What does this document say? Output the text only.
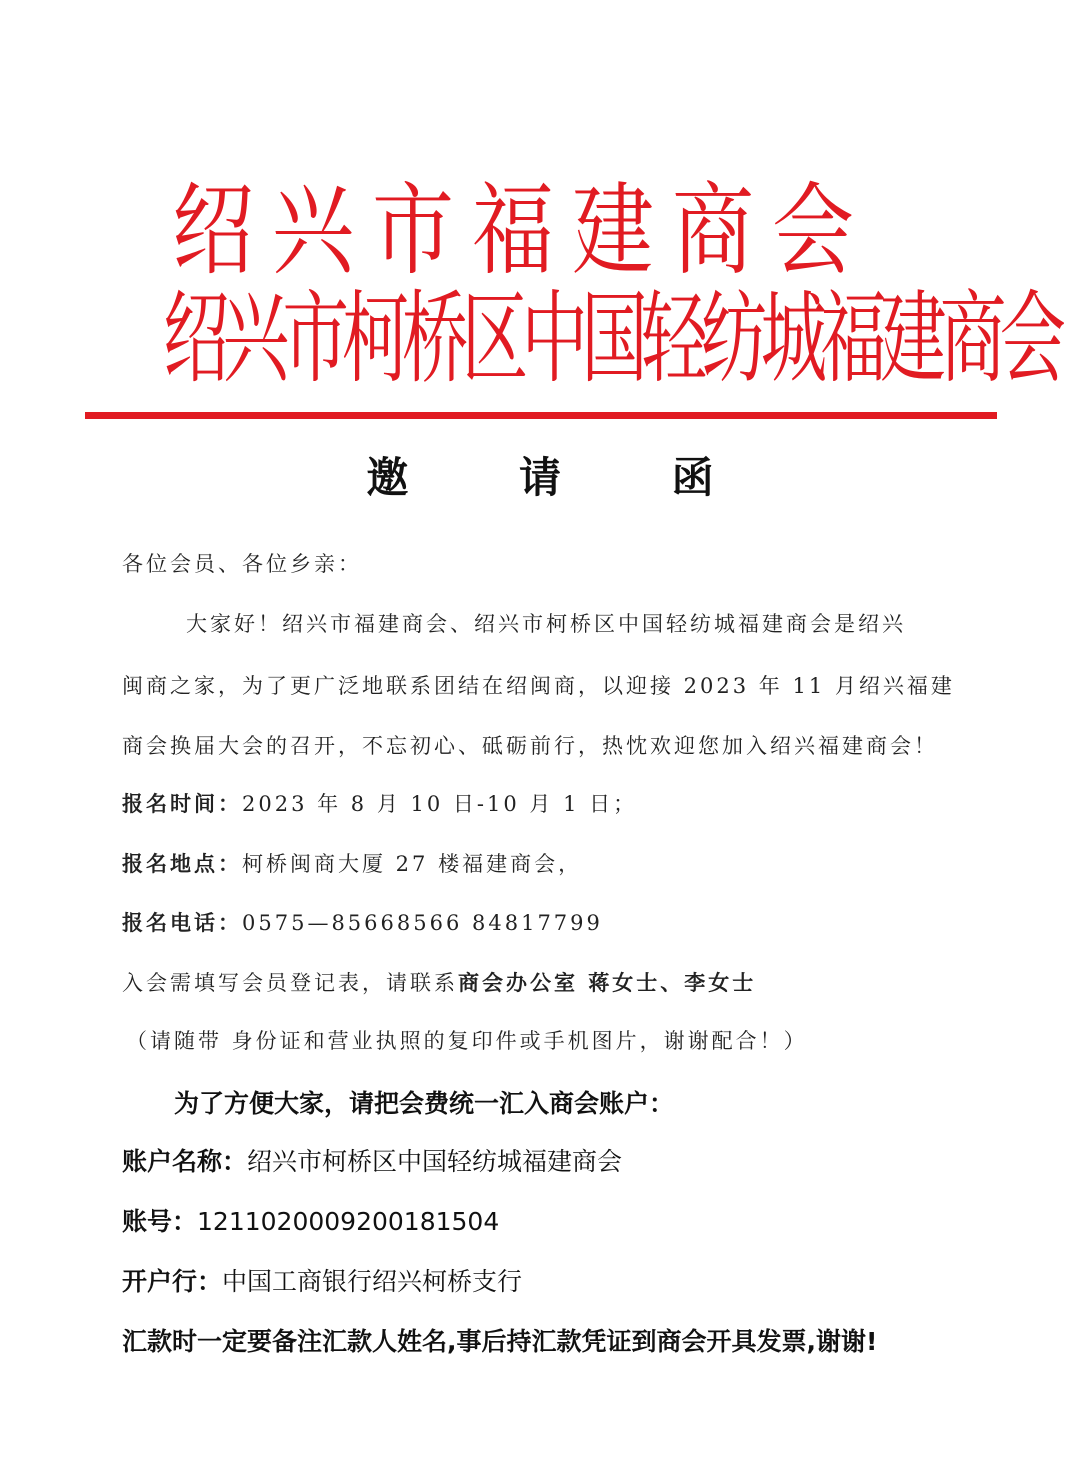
绍 兴 市 福 建 商 会
绍兴市柯桥区中国轻纺城福建商会
邀 请 函
各位会员、各位乡亲：
大家好！绍兴市福建商会、绍兴市柯桥区中国轻纺城福建商会是绍兴
闽商之家，为了更广泛地联系团结在绍闽商，以迎接 2023 年 11 月绍兴福建
商会换届大会的召开，不忘初心、砥砺前行，热忱欢迎您加入绍兴福建商会！
报名时间：2023 年 8 月 10 日-10 月 1 日；
报名地点：柯桥闽商大厦 27 楼福建商会，
报名电话：0575—85668566 84817799
入会需填写会员登记表，请联系商会办公室 蒋女士、李女士
（请随带 身份证和营业执照的复印件或手机图片，谢谢配合！）
为了方便大家，请把会费统一汇入商会账户：
账户名称：绍兴市柯桥区中国轻纺城福建商会
账号：1211020009200181504
开户行：中国工商银行绍兴柯桥支行
汇款时一定要备注汇款人姓名,事后持汇款凭证到商会开具发票,谢谢!
